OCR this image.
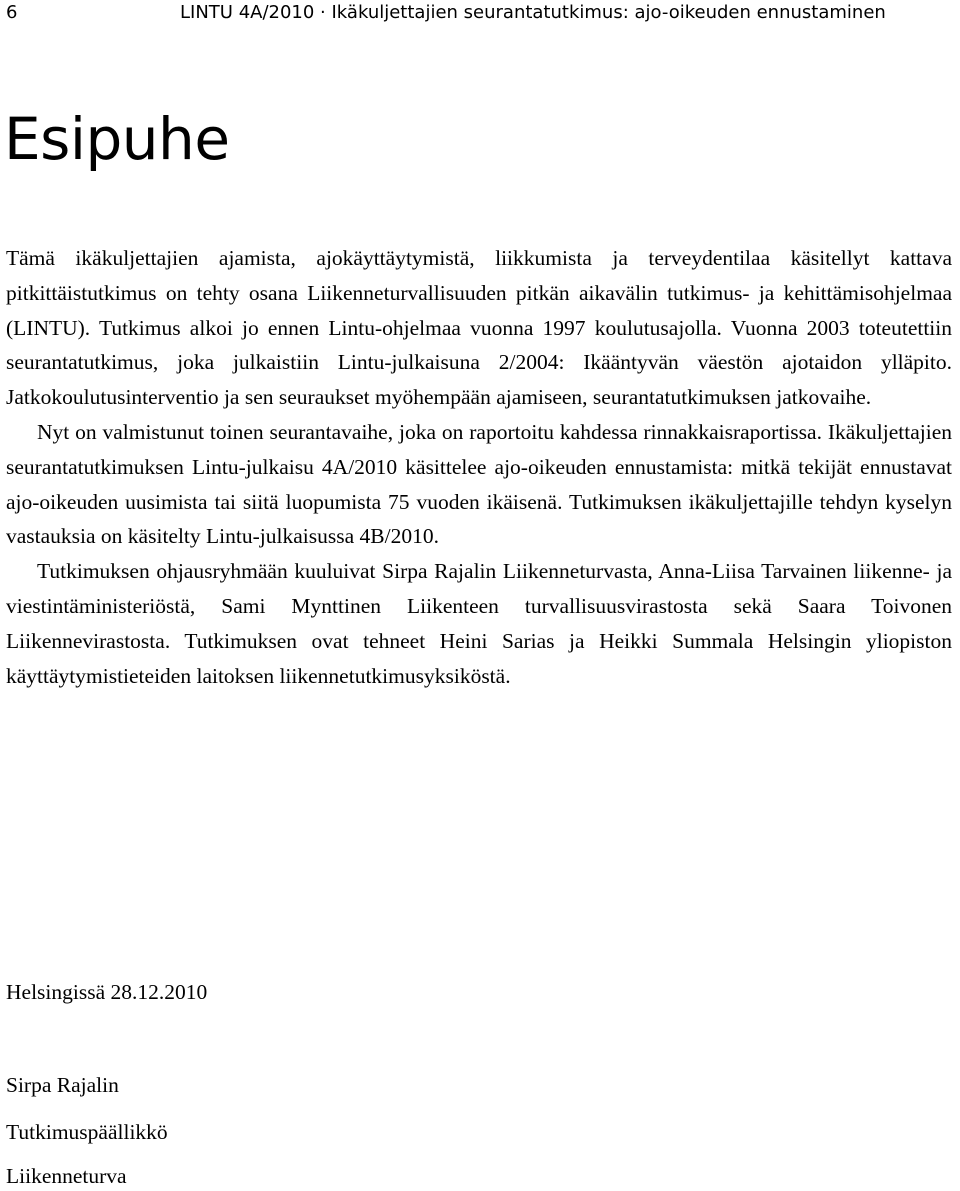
6	LINTU 4A/2010 · Ikäkuljettajien seurantatutkimus: ajo-oikeuden ennustaminen
Esipuhe

Tämä ikäkuljettajien ajamista, ajokäyttäytymistä, liikkumista ja terveydentilaa käsitellyt kattava pitkittäistutkimus on tehty osana Liikenneturvallisuuden pitkän aikavälin tutkimus- ja kehittämisohjelmaa (LINTU). Tutkimus alkoi jo ennen Lintu-ohjelmaa vuonna 1997 koulutusajolla. Vuonna 2003 toteutettiin seurantatutkimus, joka julkaistiin Lintu-julkaisuna 2/2004: Ikääntyvän väestön ajotaidon ylläpito. Jatkokoulutusinterventio ja sen seuraukset myöhempään ajamiseen, seurantatutkimuksen jatkovaihe.

Nyt on valmistunut toinen seurantavaihe, joka on raportoitu kahdessa rinnakkaisraportissa. Ikäkuljettajien seurantatutkimuksen Lintu-julkaisu 4A/2010 käsittelee ajo-oikeuden ennustamista: mitkä tekijät ennustavat ajo-oikeuden uusimista tai siitä luopumista 75 vuoden ikäisenä. Tutkimuksen ikäkuljettajille tehdyn kyselyn vastauksia on käsitelty Lintu-julkaisussa 4B/2010.

Tutkimuksen ohjausryhmään kuuluivat Sirpa Rajalin Liikenneturvasta, Anna-Liisa Tarvainen liikenne- ja viestintäministeriöstä, Sami Mynttinen Liikenteen turvallisuusvirastosta sekä Saara Toivonen Liikennevirastosta. Tutkimuksen ovat tehneet Heini Sarias ja Heikki Summala Helsingin yliopiston käyttäytymistieteiden laitoksen liikennetutkimusyksiköstä.

Helsingissä 28.12.2010
Sirpa Rajalin
Tutkimuspäällikkö
Liikenneturva
